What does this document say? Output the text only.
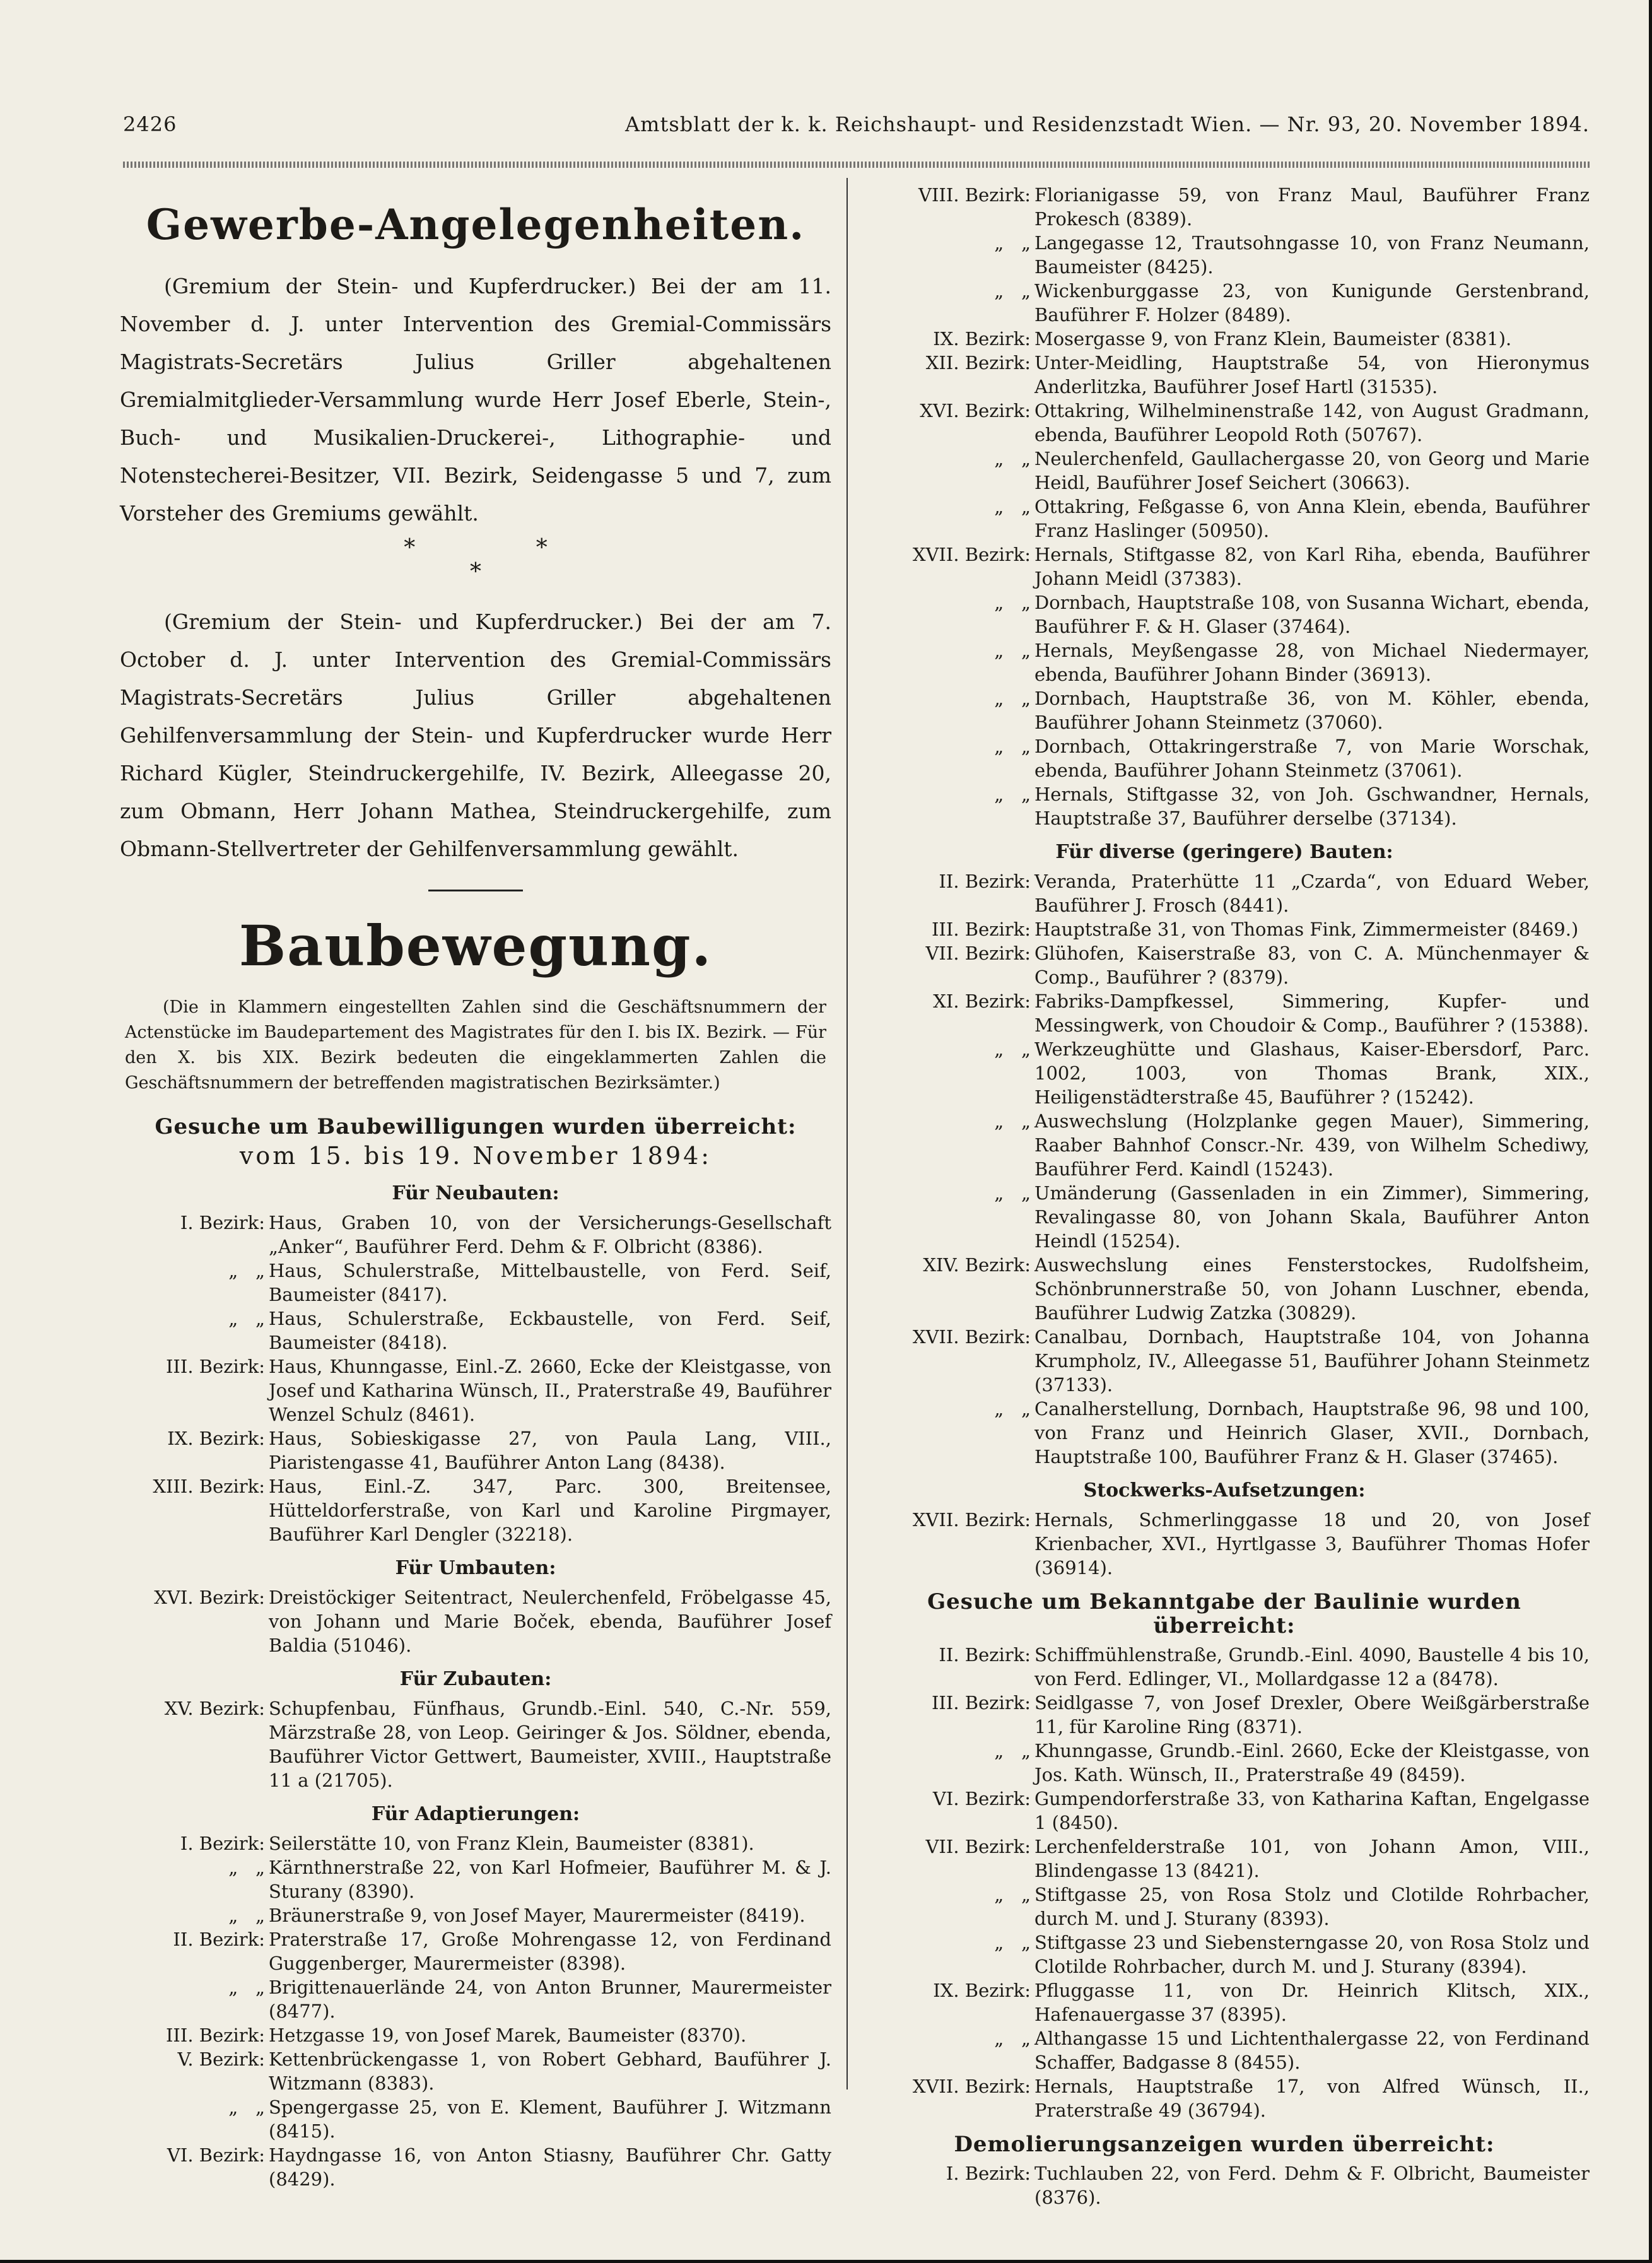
2426	Amtsblatt der k. k. Reichshaupt- und Residenzstadt Wien. — Nr. 93, 20. November 1894.
Gewerbe-Angelegenheiten.

(Gremium der Stein- und Kupferdrucker.) Bei der am 11. November d. J. unter Intervention des Gremial-Commissärs Magistrats-Secretärs Julius Griller abgehaltenen Gremialmitglieder-Versammlung wurde Herr Josef Eberle, Stein-, Buch- und Musikalien-Druckerei-, Lithographie- und Notenstecherei-Besitzer, VII. Bezirk, Seidengasse 5 und 7, zum Vorsteher des Gremiums gewählt.

* *
*

(Gremium der Stein- und Kupferdrucker.) Bei der am 7. October d. J. unter Intervention des Gremial-Commissärs Magistrats-Secretärs Julius Griller abgehaltenen Gehilfenversammlung der Stein- und Kupferdrucker wurde Herr Richard Kügler, Steindruckergehilfe, IV. Bezirk, Alleegasse 20, zum Obmann, Herr Johann Mathea, Steindruckergehilfe, zum Obmann-Stellvertreter der Gehilfenversammlung gewählt.

Baubewegung.

(Die in Klammern eingestellten Zahlen sind die Geschäftsnummern der Actenstücke im Baudepartement des Magistrates für den I. bis IX. Bezirk. — Für den X. bis XIX. Bezirk bedeuten die eingeklammerten Zahlen die Geschäftsnummern der betreffenden magistratischen Bezirksämter.)

Gesuche um Baubewilligungen wurden überreicht:
vom 15. bis 19. November 1894:
Für Neubauten:
I. Bezirk: Haus, Graben 10, von der Versicherungs-Gesellschaft „Anker“, Bauführer Ferd. Dehm & F. Olbricht (8386).
„   „ Haus, Schulerstraße, Mittelbaustelle, von Ferd. Seif, Baumeister (8417).
„   „ Haus, Schulerstraße, Eckbaustelle, von Ferd. Seif, Baumeister (8418).
III. Bezirk: Haus, Khunngasse, Einl.-Z. 2660, Ecke der Kleistgasse, von Josef und Katharina Wünsch, II., Praterstraße 49, Bauführer Wenzel Schulz (8461).
IX. Bezirk: Haus, Sobieskigasse 27, von Paula Lang, VIII., Piaristengasse 41, Bauführer Anton Lang (8438).
XIII. Bezirk: Haus, Einl.-Z. 347, Parc. 300, Breitensee, Hütteldorferstraße, von Karl und Karoline Pirgmayer, Bauführer Karl Dengler (32218).
Für Umbauten:
XVI. Bezirk: Dreistöckiger Seitentract, Neulerchenfeld, Fröbelgasse 45, von Johann und Marie Boček, ebenda, Bauführer Josef Baldia (51046).
Für Zubauten:
XV. Bezirk: Schupfenbau, Fünfhaus, Grundb.-Einl. 540, C.-Nr. 559, Märzstraße 28, von Leop. Geiringer & Jos. Söldner, ebenda, Bauführer Victor Gettwert, Baumeister, XVIII., Hauptstraße 11 a (21705).
Für Adaptierungen:
I. Bezirk: Seilerstätte 10, von Franz Klein, Baumeister (8381).
„   „ Kärnthnerstraße 22, von Karl Hofmeier, Bauführer M. & J. Sturany (8390).
„   „ Bräunerstraße 9, von Josef Mayer, Maurermeister (8419).
II. Bezirk: Praterstraße 17, Große Mohrengasse 12, von Ferdinand Guggenberger, Maurermeister (8398).
„   „ Brigittenauerlände 24, von Anton Brunner, Maurermeister (8477).
III. Bezirk: Hetzgasse 19, von Josef Marek, Baumeister (8370).
V. Bezirk: Kettenbrückengasse 1, von Robert Gebhard, Bauführer J. Witzmann (8383).
„   „ Spengergasse 25, von E. Klement, Bauführer J. Witzmann (8415).
VI. Bezirk: Haydngasse 16, von Anton Stiasny, Bauführer Chr. Gatty (8429).
VIII. Bezirk: Florianigasse 59, von Franz Maul, Bauführer Franz Prokesch (8389).
„   „ Langegasse 12, Trautsohngasse 10, von Franz Neumann, Baumeister (8425).
„   „ Wickenburggasse 23, von Kunigunde Gerstenbrand, Bauführer F. Holzer (8489).
IX. Bezirk: Mosergasse 9, von Franz Klein, Baumeister (8381).
XII. Bezirk: Unter-Meidling, Hauptstraße 54, von Hieronymus Anderlitzka, Bauführer Josef Hartl (31535).
XVI. Bezirk: Ottakring, Wilhelminenstraße 142, von August Gradmann, ebenda, Bauführer Leopold Roth (50767).
„   „ Neulerchenfeld, Gaullachergasse 20, von Georg und Marie Heidl, Bauführer Josef Seichert (30663).
„   „ Ottakring, Feßgasse 6, von Anna Klein, ebenda, Bauführer Franz Haslinger (50950).
XVII. Bezirk: Hernals, Stiftgasse 82, von Karl Riha, ebenda, Bauführer Johann Meidl (37383).
„   „ Dornbach, Hauptstraße 108, von Susanna Wichart, ebenda, Bauführer F. & H. Glaser (37464).
„   „ Hernals, Meyßengasse 28, von Michael Niedermayer, ebenda, Bauführer Johann Binder (36913).
„   „ Dornbach, Hauptstraße 36, von M. Köhler, ebenda, Bauführer Johann Steinmetz (37060).
„   „ Dornbach, Ottakringerstraße 7, von Marie Worschak, ebenda, Bauführer Johann Steinmetz (37061).
„   „ Hernals, Stiftgasse 32, von Joh. Gschwandner, Hernals, Hauptstraße 37, Bauführer derselbe (37134).
Für diverse (geringere) Bauten:
II. Bezirk: Veranda, Praterhütte 11 „Czarda“, von Eduard Weber, Bauführer J. Frosch (8441).
III. Bezirk: Hauptstraße 31, von Thomas Fink, Zimmermeister (8469.)
VII. Bezirk: Glühofen, Kaiserstraße 83, von C. A. Münchenmayer & Comp., Bauführer ? (8379).
XI. Bezirk: Fabriks-Dampfkessel, Simmering, Kupfer- und Messingwerk, von Choudoir & Comp., Bauführer ? (15388).
„   „ Werkzeughütte und Glashaus, Kaiser-Ebersdorf, Parc. 1002, 1003, von Thomas Brank, XIX., Heiligenstädterstraße 45, Bauführer ? (15242).
„   „ Auswechslung (Holzplanke gegen Mauer), Simmering, Raaber Bahnhof Conscr.-Nr. 439, von Wilhelm Schediwy, Bauführer Ferd. Kaindl (15243).
„   „ Umänderung (Gassenladen in ein Zimmer), Simmering, Revalingasse 80, von Johann Skala, Bauführer Anton Heindl (15254).
XIV. Bezirk: Auswechslung eines Fensterstockes, Rudolfsheim, Schönbrunnerstraße 50, von Johann Luschner, ebenda, Bauführer Ludwig Zatzka (30829).
XVII. Bezirk: Canalbau, Dornbach, Hauptstraße 104, von Johanna Krumpholz, IV., Alleegasse 51, Bauführer Johann Steinmetz (37133).
„   „ Canalherstellung, Dornbach, Hauptstraße 96, 98 und 100, von Franz und Heinrich Glaser, XVII., Dornbach, Hauptstraße 100, Bauführer Franz & H. Glaser (37465).
Stockwerks-Aufsetzungen:
XVII. Bezirk: Hernals, Schmerlinggasse 18 und 20, von Josef Krienbacher, XVI., Hyrtlgasse 3, Bauführer Thomas Hofer (36914).
Gesuche um Bekanntgabe der Baulinie wurden überreicht:
II. Bezirk: Schiffmühlenstraße, Grundb.-Einl. 4090, Baustelle 4 bis 10, von Ferd. Edlinger, VI., Mollardgasse 12 a (8478).
III. Bezirk: Seidlgasse 7, von Josef Drexler, Obere Weißgärberstraße 11, für Karoline Ring (8371).
„   „ Khunngasse, Grundb.-Einl. 2660, Ecke der Kleistgasse, von Jos. Kath. Wünsch, II., Praterstraße 49 (8459).
VI. Bezirk: Gumpendorferstraße 33, von Katharina Kaftan, Engelgasse 1 (8450).
VII. Bezirk: Lerchenfelderstraße 101, von Johann Amon, VIII., Blindengasse 13 (8421).
„   „ Stiftgasse 25, von Rosa Stolz und Clotilde Rohrbacher, durch M. und J. Sturany (8393).
„   „ Stiftgasse 23 und Siebensterngasse 20, von Rosa Stolz und Clotilde Rohrbacher, durch M. und J. Sturany (8394).
IX. Bezirk: Pfluggasse 11, von Dr. Heinrich Klitsch, XIX., Hafenauergasse 37 (8395).
„   „ Althangasse 15 und Lichtenthalergasse 22, von Ferdinand Schaffer, Badgasse 8 (8455).
XVII. Bezirk: Hernals, Hauptstraße 17, von Alfred Wünsch, II., Praterstraße 49 (36794).
Demolierungsanzeigen wurden überreicht:
I. Bezirk: Tuchlauben 22, von Ferd. Dehm & F. Olbricht, Baumeister (8376).
